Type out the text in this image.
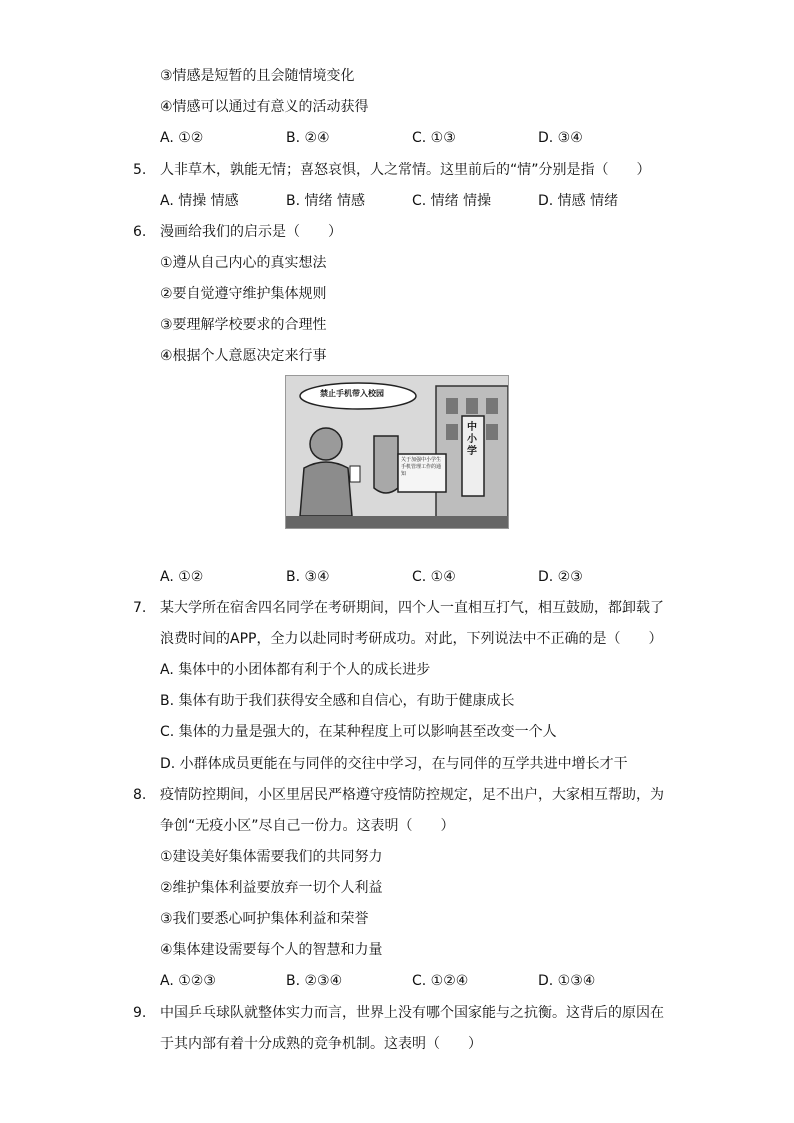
③情感是短暂的且会随情境变化
④情感可以通过有意义的活动获得
A. ①②	B. ②④	C. ①③	D. ③④
5. 人非草木，孰能无情；喜怒哀惧，人之常情。这里前后的“情”分别是指（　　）
A. 情操 情感	B. 情绪 情感	C. 情绪 情操	D. 情感 情绪
6. 漫画给我们的启示是（　　）
①遵从自己内心的真实想法
②要自觉遵守维护集体规则
③要理解学校要求的合理性
④根据个人意愿决定来行事
禁止手机带入校园
中小学
关于加强中小学生手机管理工作的通知
A. ①②	B. ③④	C. ①④	D. ②③
7. 某大学所在宿舍四名同学在考研期间，四个人一直相互打气，相互鼓励，都卸载了
浪费时间的APP，全力以赴同时考研成功。对此，下列说法中不正确的是（　　）
A. 集体中的小团体都有利于个人的成长进步
B. 集体有助于我们获得安全感和自信心，有助于健康成长
C. 集体的力量是强大的，在某种程度上可以影响甚至改变一个人
D. 小群体成员更能在与同伴的交往中学习，在与同伴的互学共进中增长才干
8. 疫情防控期间，小区里居民严格遵守疫情防控规定，足不出户，大家相互帮助，为
争创“无疫小区”尽自己一份力。这表明（　　）
①建设美好集体需要我们的共同努力
②维护集体利益要放弃一切个人利益
③我们要悉心呵护集体利益和荣誉
④集体建设需要每个人的智慧和力量
A. ①②③	B. ②③④	C. ①②④	D. ①③④
9. 中国乒乓球队就整体实力而言，世界上没有哪个国家能与之抗衡。这背后的原因在
于其内部有着十分成熟的竞争机制。这表明（　　）
